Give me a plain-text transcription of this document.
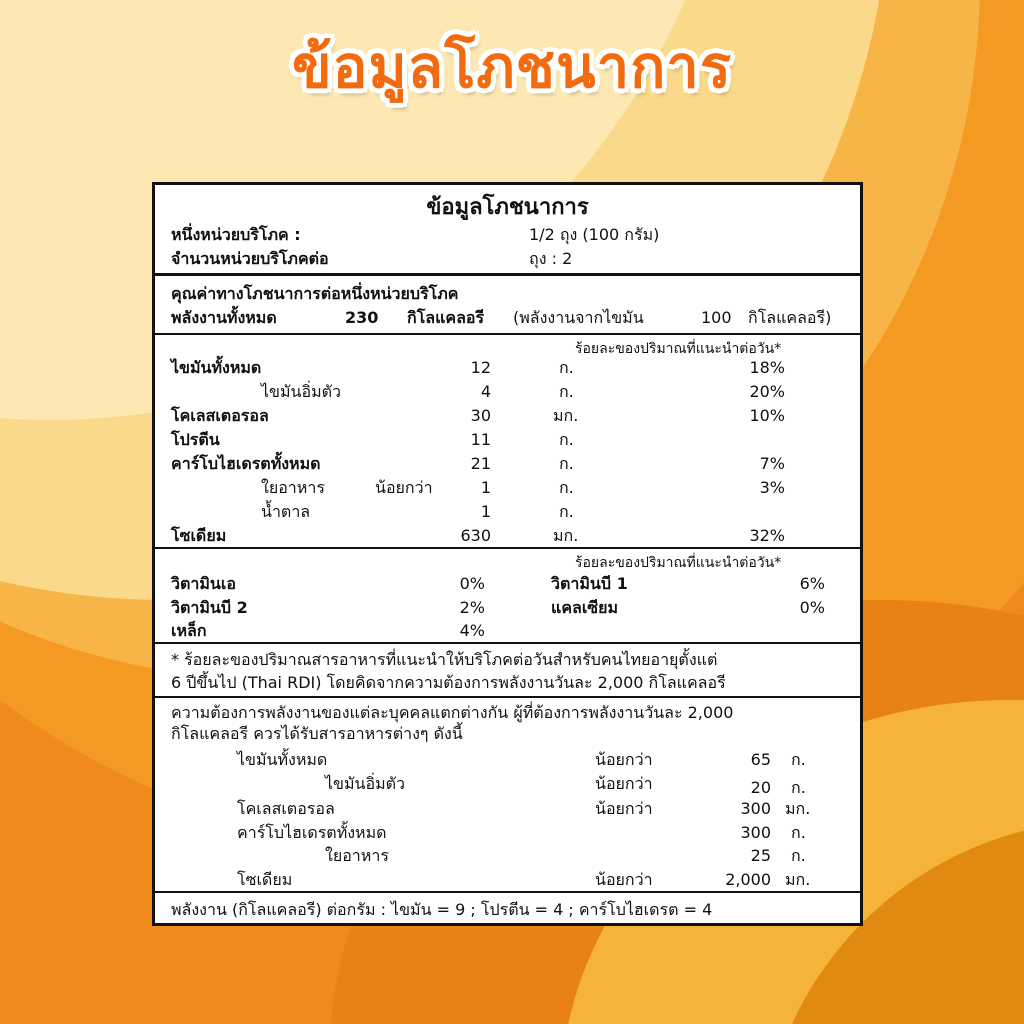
ข้อมูลโภชนาการ
ข้อมูลโภชนาการ
หนึ่งหน่วยบริโภค :	1/2 ถุง (100 กรัม)
จำนวนหน่วยบริโภคต่อ	ถุง : 2
คุณค่าทางโภชนาการต่อหนึ่งหน่วยบริโภค
พลังงานทั้งหมด	230 กิโลแคลอรี (พลังงานจากไขมัน	100 กิโลแคลอรี)
ร้อยละของปริมาณที่แนะนำต่อวัน*
ไขมันทั้งหมด	12	ก.	18%
ไขมันอิ่มตัว	4	ก.	20%
โคเลสเตอรอล	30	มก.	10%
โปรตีน	11	ก.
คาร์โบไฮเดรตทั้งหมด	21	ก.	7%
ใยอาหาร	น้อยกว่า	1	ก.	3%
น้ำตาล	1	ก.
โซเดียม	630	มก.	32%
ร้อยละของปริมาณที่แนะนำต่อวัน*
วิตามินเอ	0%	วิตามินบี 1	6%
วิตามินบี 2	2%	แคลเซียม	0%
เหล็ก	4%
* ร้อยละของปริมาณสารอาหารที่แนะนำให้บริโภคต่อวันสำหรับคนไทยอายุตั้งแต่
6 ปีขึ้นไป (Thai RDI) โดยคิดจากความต้องการพลังงานวันละ 2,000 กิโลแคลอรี
ความต้องการพลังงานของแต่ละบุคคลแตกต่างกัน ผู้ที่ต้องการพลังงานวันละ 2,000
กิโลแคลอรี ควรได้รับสารอาหารต่างๆ ดังนี้
ไขมันทั้งหมด	น้อยกว่า	65 ก.
ไขมันอิ่มตัว	น้อยกว่า	20 ก.
โคเลสเตอรอล	น้อยกว่า	300 มก.
คาร์โบไฮเดรตทั้งหมด	300 ก.
ใยอาหาร	25 ก.
โซเดียม	น้อยกว่า	2,000 มก.
พลังงาน (กิโลแคลอรี) ต่อกรัม : ไขมัน = 9 ; โปรตีน = 4 ; คาร์โบไฮเดรต = 4
